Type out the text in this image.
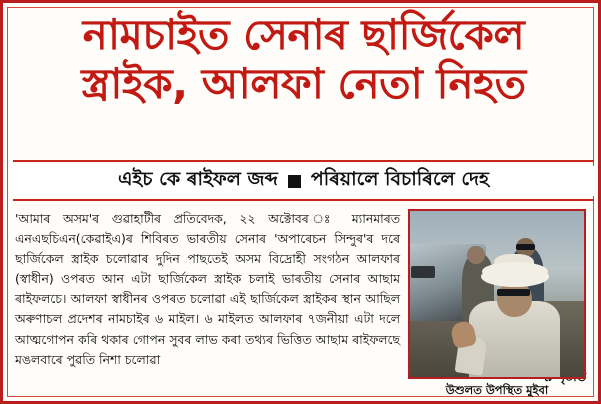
নামচাইত সেনাৰ ছাৰ্জিকেল
স্ত্ৰাইক, আলফা নেতা নিহত
এইচ কে ৰাইফল জব্দ পৰিয়ালে বিচাৰিলে দেহ

'আমাৰ অসম'ৰ গুৱাহাটীৰ প্ৰতিবেদক, ২২ অক্টোবৰ ঃ ম্যানমাৰত এনএছচিএন(কেৱাইএ)ৰ শিবিৰত ভাৰতীয় সেনাৰ 'অপাৰেচন সিন্দুৰ'ৰ দৰে ছাৰ্জিকেল স্ত্ৰাইক চলোৱাৰ দুদিন পাছতেই অসম বিদ্ৰোহী সংগঠন আলফাৰ (স্বাধীন) ওপৰত আন এটা ছাৰ্জিকেল স্ত্ৰাইক চলাই ভাৰতীয় সেনাৰ আছাম ৰাইফলচে। আলফা স্বাধীনৰ ওপৰত চলোৱা এই ছাৰ্জিকেল স্ত্ৰাইকৰ স্থান আছিল অৰুণাচল প্ৰদেশৰ নামচাইৰ ৬ মাইল। ৬ মাইলত আলফাৰ ৭জনীয়া এটা দলে আত্মগোপন কৰি থকাৰ গোপন সুবৰ লাভ কৰা তথ্যৰ ভিত্তিত আছাম ৰাইফলছে মঙলবাৰে পুৱতি নিশা চলোৱা

উশুলত উপস্থিত মুইবা
